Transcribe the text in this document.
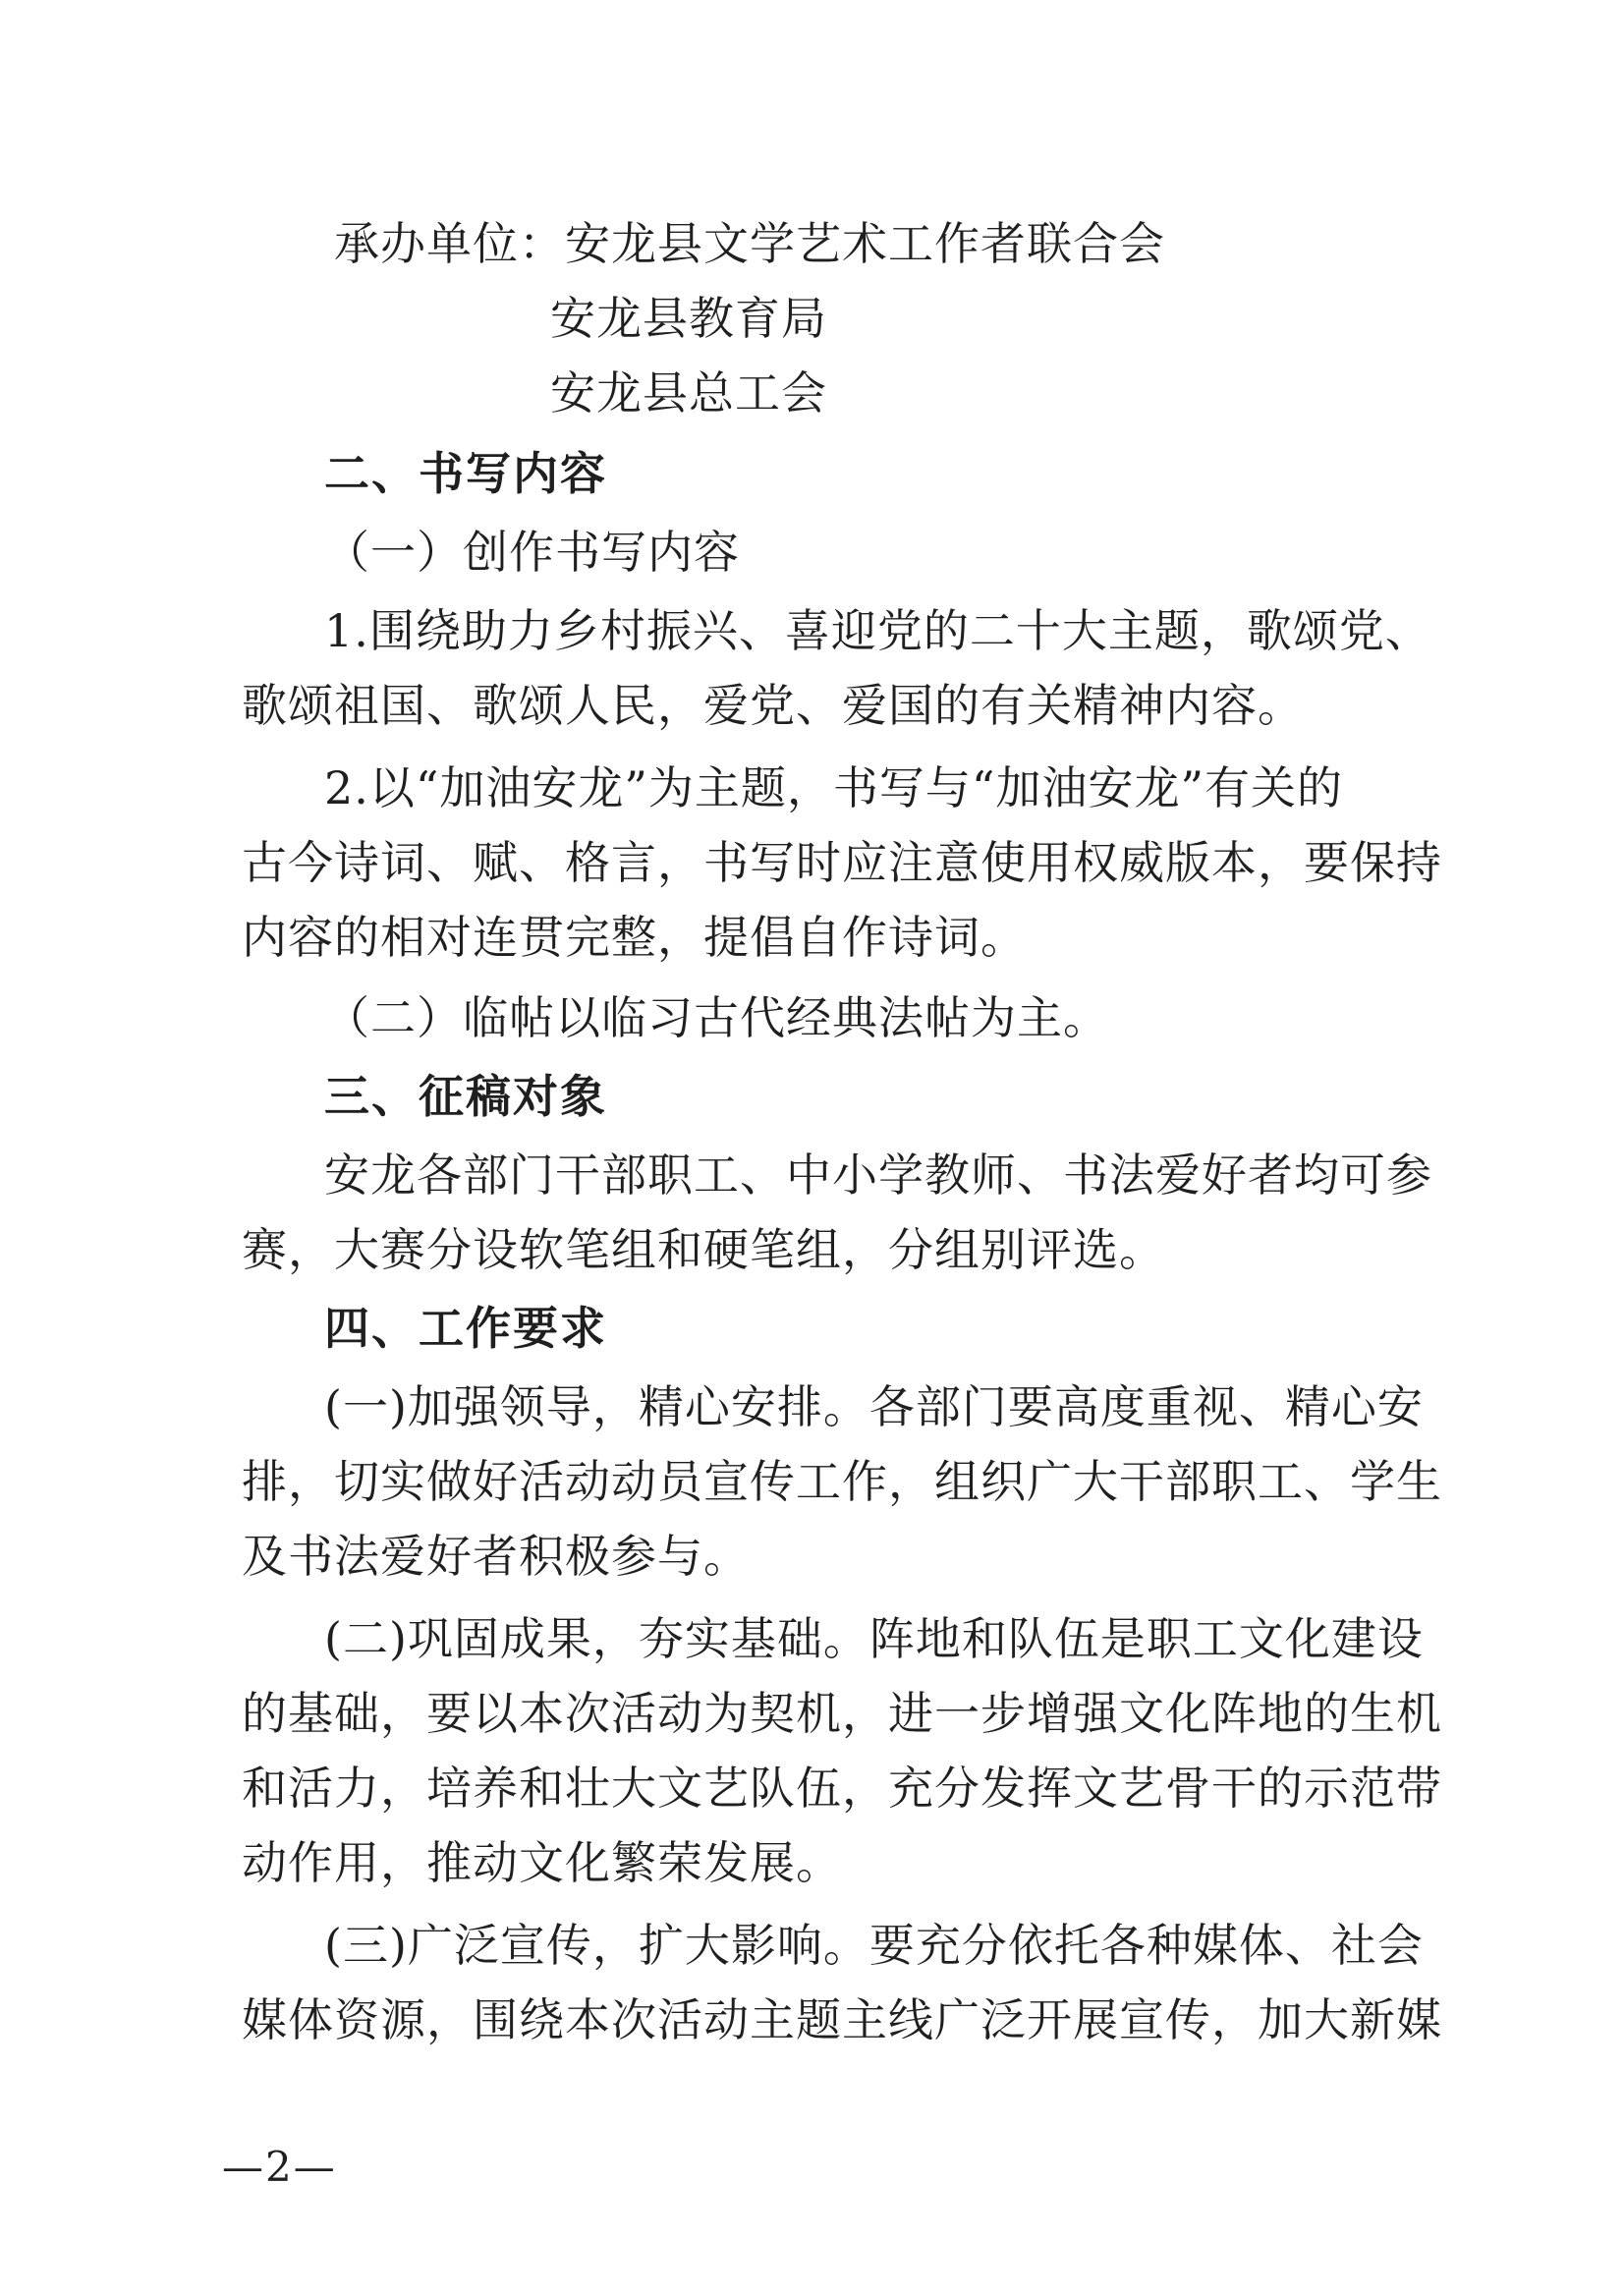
承办单位：安龙县文学艺术工作者联合会
安龙县教育局
安龙县总工会
二、书写内容
（一）创作书写内容
1.围绕助力乡村振兴、喜迎党的二十大主题，歌颂党、
歌颂祖国、歌颂人民，爱党、爱国的有关精神内容。
2.以“加油安龙”为主题，书写与“加油安龙”有关的
古今诗词、赋、格言，书写时应注意使用权威版本，要保持
内容的相对连贯完整，提倡自作诗词。
（二）临帖以临习古代经典法帖为主。
三、征稿对象
安龙各部门干部职工、中小学教师、书法爱好者均可参
赛，大赛分设软笔组和硬笔组，分组别评选。
四、工作要求
(一)加强领导，精心安排。各部门要高度重视、精心安
排，切实做好活动动员宣传工作，组织广大干部职工、学生
及书法爱好者积极参与。
(二)巩固成果，夯实基础。阵地和队伍是职工文化建设
的基础，要以本次活动为契机，进一步增强文化阵地的生机
和活力，培养和壮大文艺队伍，充分发挥文艺骨干的示范带
动作用，推动文化繁荣发展。
(三)广泛宣传，扩大影响。要充分依托各种媒体、社会
媒体资源，围绕本次活动主题主线广泛开展宣传，加大新媒
—2—
